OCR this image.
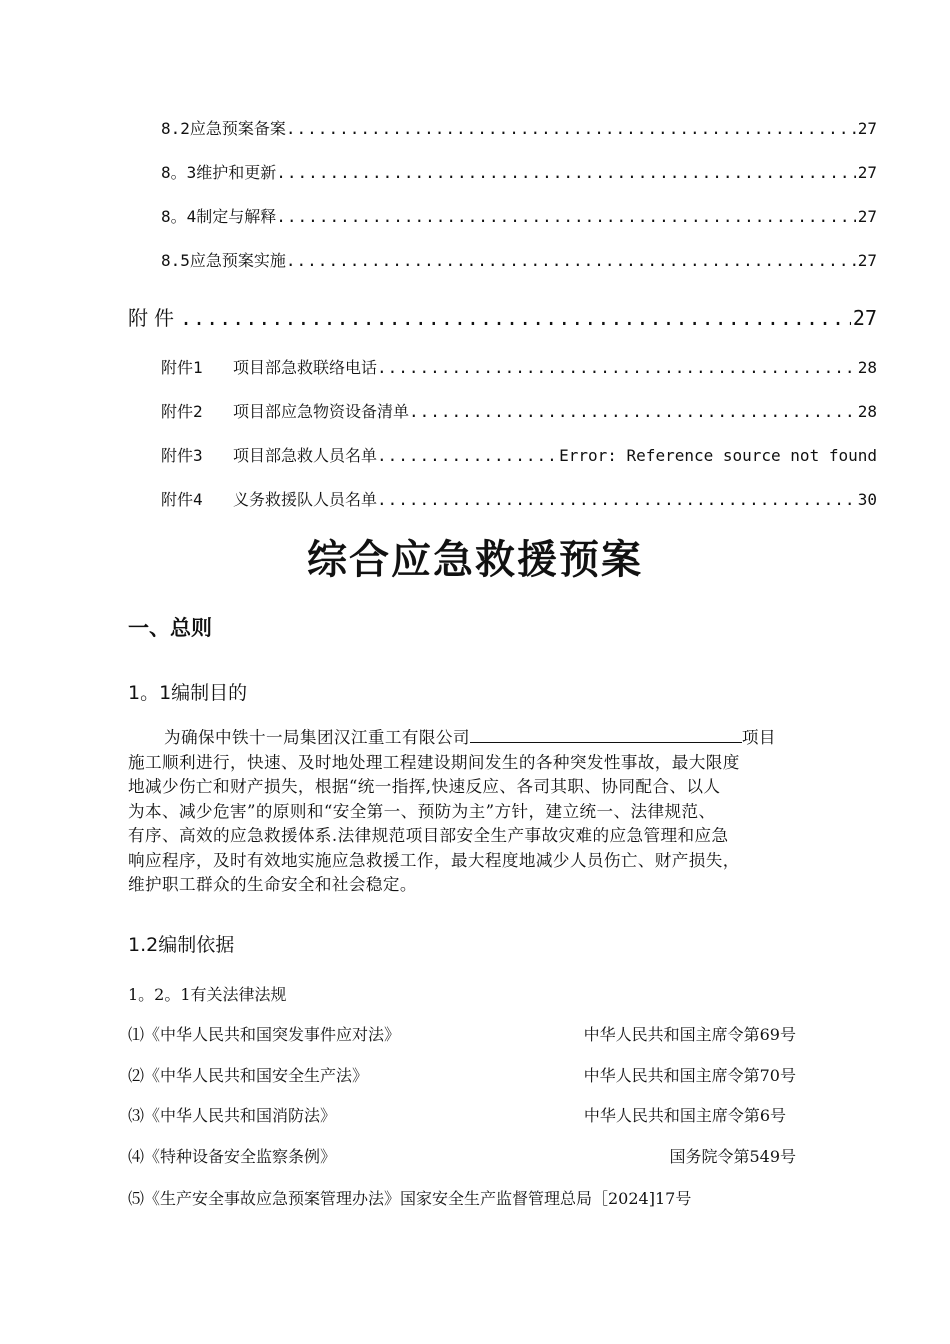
8.2应急预案备案 .....	27
8。3维护和更新 .....	27
8。4制定与解释 .....	27
8.5应急预案实施 .....	27
附件 .....	27
附件1 项目部急救联络电话 .....	28
附件2 项目部应急物资设备清单 .....	28
附件3 项目部急救人员名单 .....	Error: Reference source not found
附件4 义务救援队人员名单 .....	30
综合应急救援预案
一、总则
1。1编制目的
为确保中铁十一局集团汉江重工有限公司	项目
施工顺利进行，快速、及时地处理工程建设期间发生的各种突发性事故，最大限度
地减少伤亡和财产损失，根据“统一指挥,快速反应、各司其职、协同配合、以人
为本、减少危害”的原则和“安全第一、预防为主”方针，建立统一、法律规范、
有序、高效的应急救援体系.法律规范项目部安全生产事故灾难的应急管理和应急
响应程序，及时有效地实施应急救援工作，最大程度地减少人员伤亡、财产损失，
维护职工群众的生命安全和社会稳定。
1.2编制依据
1。2。1有关法律法规
⑴《中华人民共和国突发事件应对法》	中华人民共和国主席令第69号
⑵《中华人民共和国安全生产法》	中华人民共和国主席令第70号
⑶《中华人民共和国消防法》	中华人民共和国主席令第6号
⑷《特种设备安全监察条例》	国务院令第549号
⑸《生产安全事故应急预案管理办法》国家安全生产监督管理总局［2024]17号
